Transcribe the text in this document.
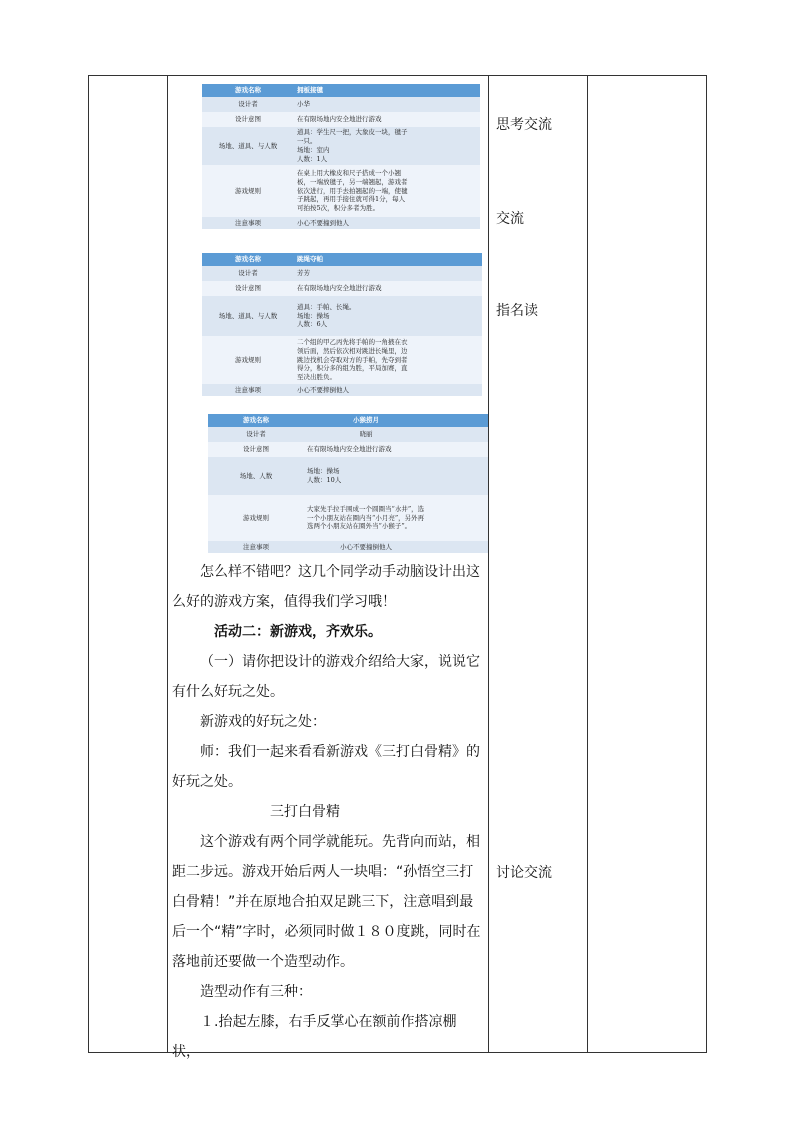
游戏名称	拥板接毽	
设计者	小华	
设计意图	在有限场地内安全地进行游戏	
场地、道具、与人数	道具：学生尺一把，大象皮一块，毽子一只。
场地：室内
人数：1人	
游戏规则	在桌上用大橡皮和尺子搭成一个小翘板，一端放毽子，另一端翘起，游戏者依次进行，用手去拍翘起的一端，使毽子跳起，再用手接住就可得1分，每人可拍按5次，积分多者为胜。	
注意事项	小心不要撞到他人	
游戏名称	跳绳夺帕	
设计者	芳芳	
设计意图	在有限场地内安全地进行游戏	
场地、道具、与人数	道具：手帕、长绳。
场地：操场
人数：6人	
游戏规则	二个组的甲乙丙先将手帕的一角掖在衣领后面，然后依次相对跳进长绳里，边跳边找机会夺取对方的手帕，先夺到者得分，积分多的组为胜，平局加赛，直至决出胜负。	
注意事项	小心不要摔倒他人	
游戏名称	小猴捞月	
设计者	晓丽	
设计意图	在有限场地内安全地进行游戏	
场地、人数	场地：操场
人数：10人	
游戏规则	大家先手拉手围成一个圆圈当“水井”，选一个小朋友站在圈内当“小月亮”，另外再选两个小朋友站在圈外当“小猴子”。	
注意事项	小心不要撞倒他人	

怎么样不错吧？这几个同学动手动脑设计出这么好的游戏方案，值得我们学习哦！

活动二：新游戏，齐欢乐。

（一）请你把设计的游戏介绍给大家，说说它有什么好玩之处。

新游戏的好玩之处：

师：我们一起来看看新游戏《三打白骨精》的好玩之处。

三打白骨精

这个游戏有两个同学就能玩。先背向而站，相距二步远。游戏开始后两人一块唱：“孙悟空三打白骨精！”并在原地合拍双足跳三下，注意唱到最后一个“精”字时，必须同时做１８０度跳，同时在落地前还要做一个造型动作。

造型动作有三种：

１.抬起左膝，右手反掌心在额前作搭凉棚状，

思考交流
交流
指名读
讨论交流
